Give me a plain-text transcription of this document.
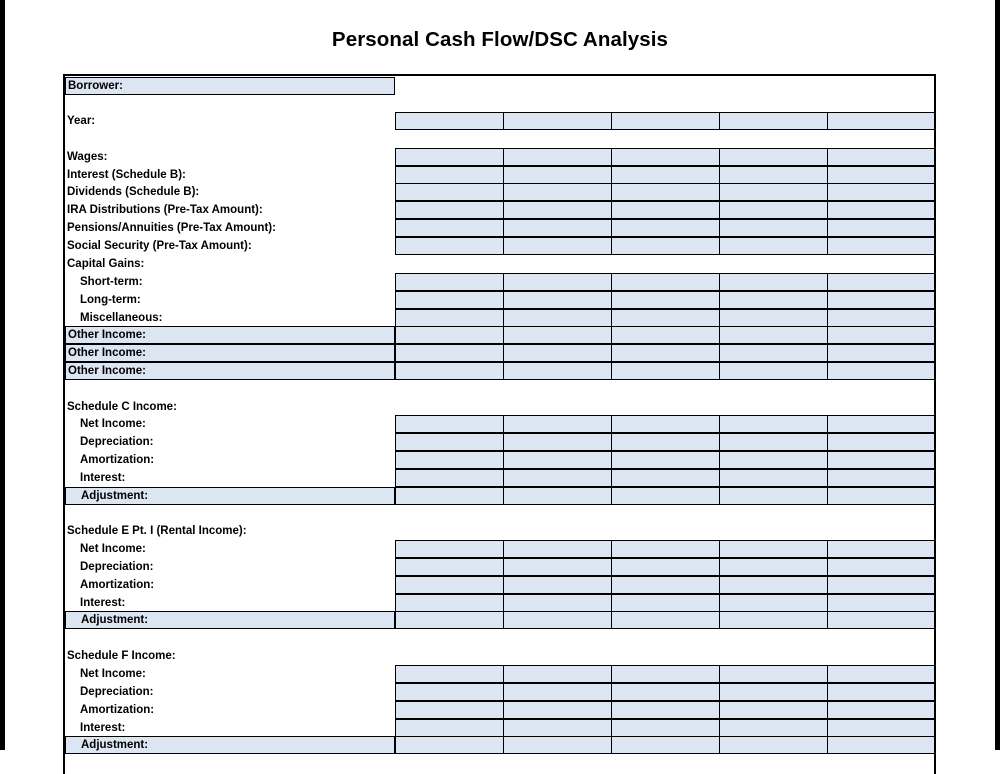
Personal Cash Flow/DSC Analysis
Borrower:
Year:
Wages:
Interest (Schedule B):
Dividends (Schedule B):
IRA Distributions (Pre-Tax Amount):
Pensions/Annuities (Pre-Tax Amount):
Social Security (Pre-Tax Amount):
Capital Gains:
Short-term:
Long-term:
Miscellaneous:
Other Income:
Other Income:
Other Income:
Schedule C Income:
Net Income:
Depreciation:
Amortization:
Interest:
Adjustment:
Schedule E Pt. I (Rental Income):
Net Income:
Depreciation:
Amortization:
Interest:
Adjustment:
Schedule F Income:
Net Income:
Depreciation:
Amortization:
Interest:
Adjustment:
